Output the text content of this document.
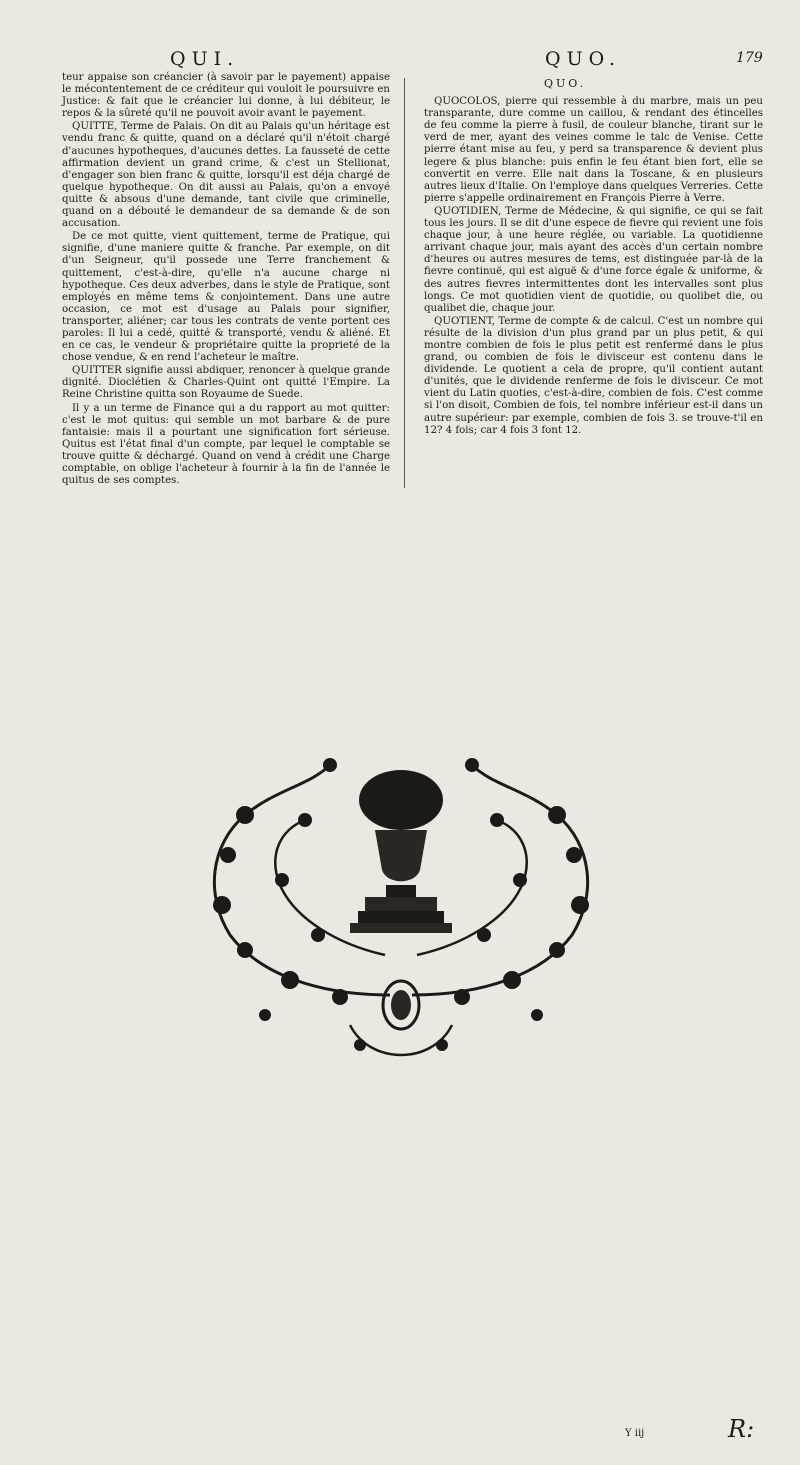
QUI.	QUO.	179

teur appaise son créancier (à savoir par le payement) appaise le mécontentement de ce créditeur qui vouloit le poursuivre en Justice: & fait que le créancier lui donne, à lui débiteur, le repos & la sûreté qu'il ne pouvoit avoir avant le payement.

QUITTE, Terme de Palais. On dit au Palais qu'un héritage est vendu franc & quitte, quand on a déclaré qu'il n'étoit chargé d'aucunes hypotheques, d'aucunes dettes. La fausseté de cette affirmation devient un grand crime, & c'est un Stellionat, d'engager son bien franc & quitte, lorsqu'il est déja chargé de quelque hypotheque. On dit aussi au Palais, qu'on a envoyé quitte & absous d'une demande, tant civile que criminelle, quand on a débouté le demandeur de sa demande & de son accusation.

De ce mot quitte, vient quittement, terme de Pratique, qui signifie, d'une maniere quitte & franche. Par exemple, on dit d'un Seigneur, qu'il possede une Terre franchement & quittement, c'est-à-dire, qu'elle n'a aucune charge ni hypotheque. Ces deux adverbes, dans le style de Pratique, sont employés en même tems & conjointement. Dans une autre occasion, ce mot est d'usage au Palais pour signifier, transporter, aliéner; car tous les contrats de vente portent ces paroles: Il lui a cedé, quitté & transporté, vendu & aliéné. Et en ce cas, le vendeur & propriétaire quitte la proprieté de la chose vendue, & en rend l'acheteur le maître.

QUITTER signifie aussi abdiquer, renoncer à quelque grande dignité. Dioclétien & Charles-Quint ont quitté l'Empire. La Reine Christine quitta son Royaume de Suede.

Il y a un terme de Finance qui a du rapport au mot quitter: c'est le mot quitus: qui semble un mot barbare & de pure fantaisie: mais il a pourtant une signification fort sérieuse. Quitus est l'état final d'un compte, par lequel le comptable se trouve quitte & déchargé. Quand on vend à crédit une Charge comptable, on oblige l'acheteur à fournir à la fin de l'année le quitus de ses comptes.

QUO.

QUOCOLOS, pierre qui ressemble à du marbre, mais un peu transparante, dure comme un caillou, & rendant des étincelles de feu comme la pierre à fusil, de couleur blanche, tirant sur le verd de mer, ayant des veines comme le talc de Venise. Cette pierre étant mise au feu, y perd sa transparence & devient plus legere & plus blanche: puis enfin le feu étant bien fort, elle se convertit en verre. Elle nait dans la Toscane, & en plusieurs autres lieux d'Italie. On l'employe dans quelques Verreries. Cette pierre s'appelle ordinairement en François Pierre à Verre.

QUOTIDIEN, Terme de Médecine, & qui signifie, ce qui se fait tous les jours. Il se dit d'une espece de fievre qui revient une fois chaque jour, à une heure réglée, ou variable. La quotidienne arrivant chaque jour, mais ayant des accès d'un certain nombre d'heures ou autres mesures de tems, est distinguée par-là de la fievre continuë, qui est aiguë & d'une force égale & uniforme, & des autres fievres intermittentes dont les intervalles sont plus longs. Ce mot quotidien vient de quotidie, ou quolibet die, ou qualibet die, chaque jour.

QUOTIENT, Terme de compte & de calcul. C'est un nombre qui résulte de la division d'un plus grand par un plus petit, & qui montre combien de fois le plus petit est renfermé dans le plus grand, ou combien de fois le divisceur est contenu dans le dividende. Le quotient a cela de propre, qu'il contient autant d'unités, que le dividende renferme de fois le divisceur. Ce mot vient du Latin quoties, c'est-à-dire, combien de fois. C'est comme si l'on disoit, Combien de fois, tel nombre inférieur est-il dans un autre supérieur: par exemple, combien de fois 3. se trouve-t'il en 12? 4 fois; car 4 fois 3 font 12.

Y iij	R:
